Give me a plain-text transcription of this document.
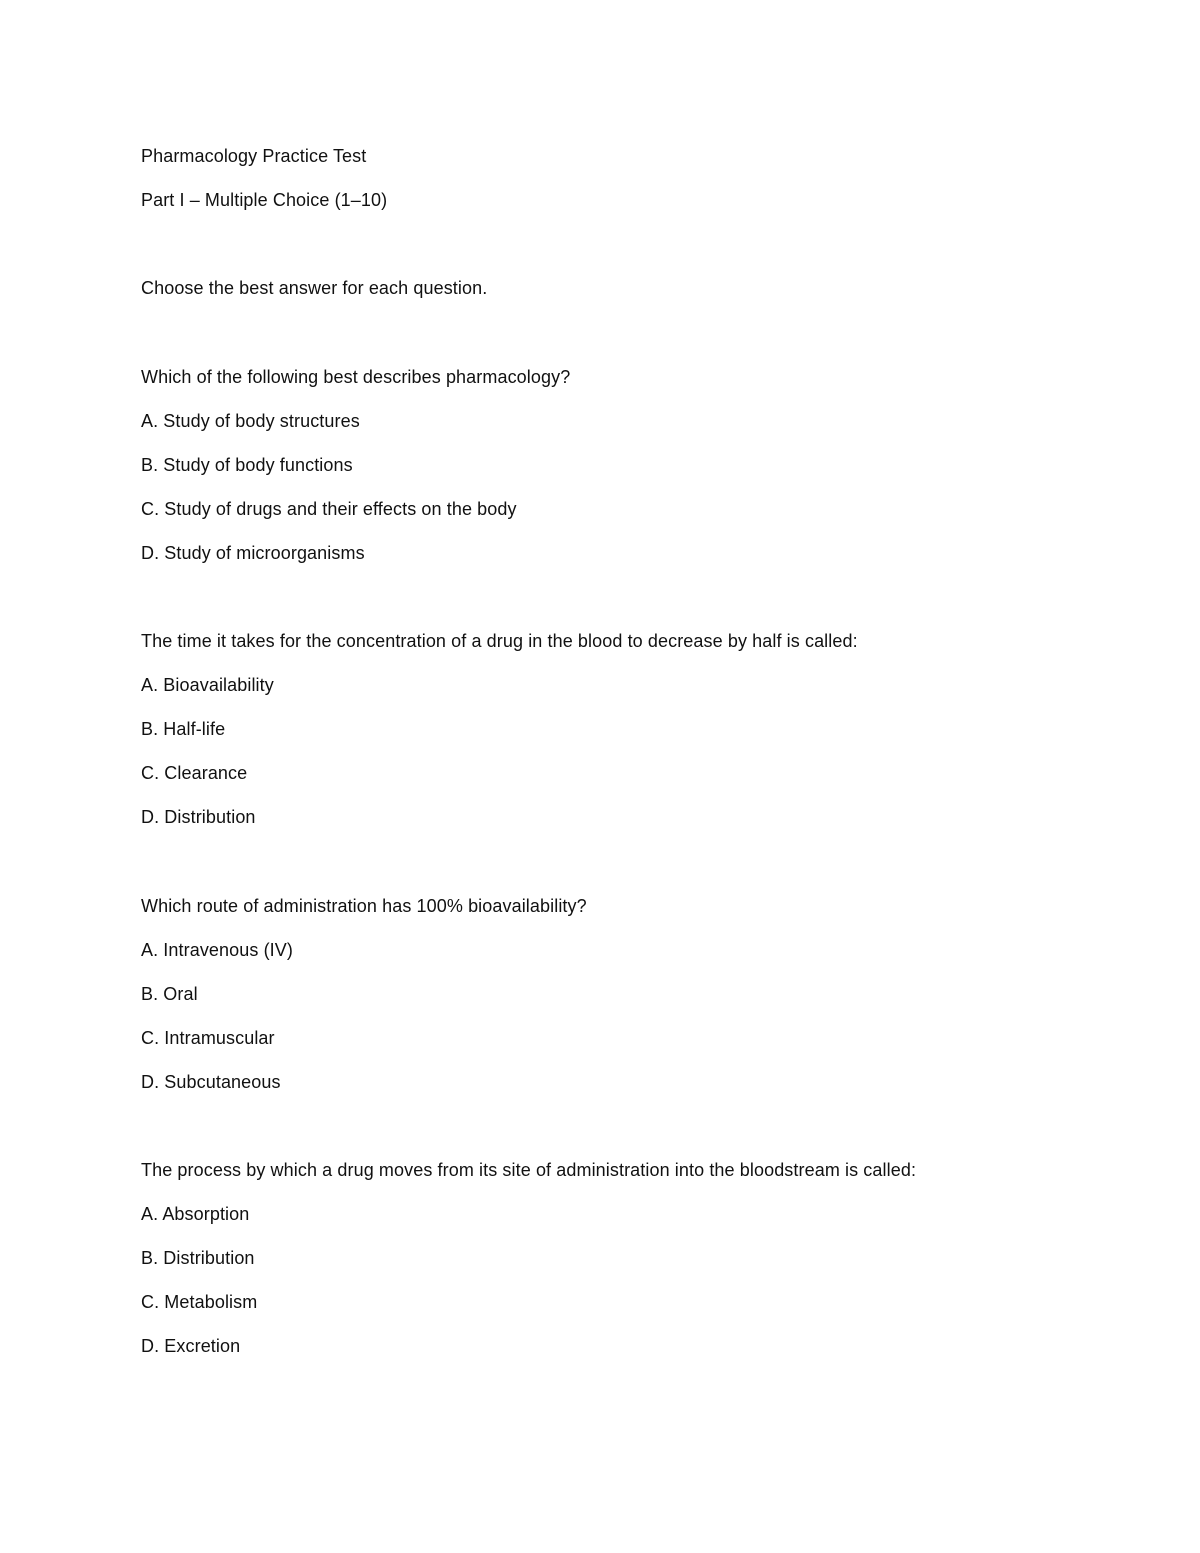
Pharmacology Practice Test
Part I – Multiple Choice (1–10)
Choose the best answer for each question.
Which of the following best describes pharmacology?
A. Study of body structures
B. Study of body functions
C. Study of drugs and their effects on the body
D. Study of microorganisms
The time it takes for the concentration of a drug in the blood to decrease by half is called:
A. Bioavailability
B. Half-life
C. Clearance
D. Distribution
Which route of administration has 100% bioavailability?
A. Intravenous (IV)
B. Oral
C. Intramuscular
D. Subcutaneous
The process by which a drug moves from its site of administration into the bloodstream is called:
A. Absorption
B. Distribution
C. Metabolism
D. Excretion
